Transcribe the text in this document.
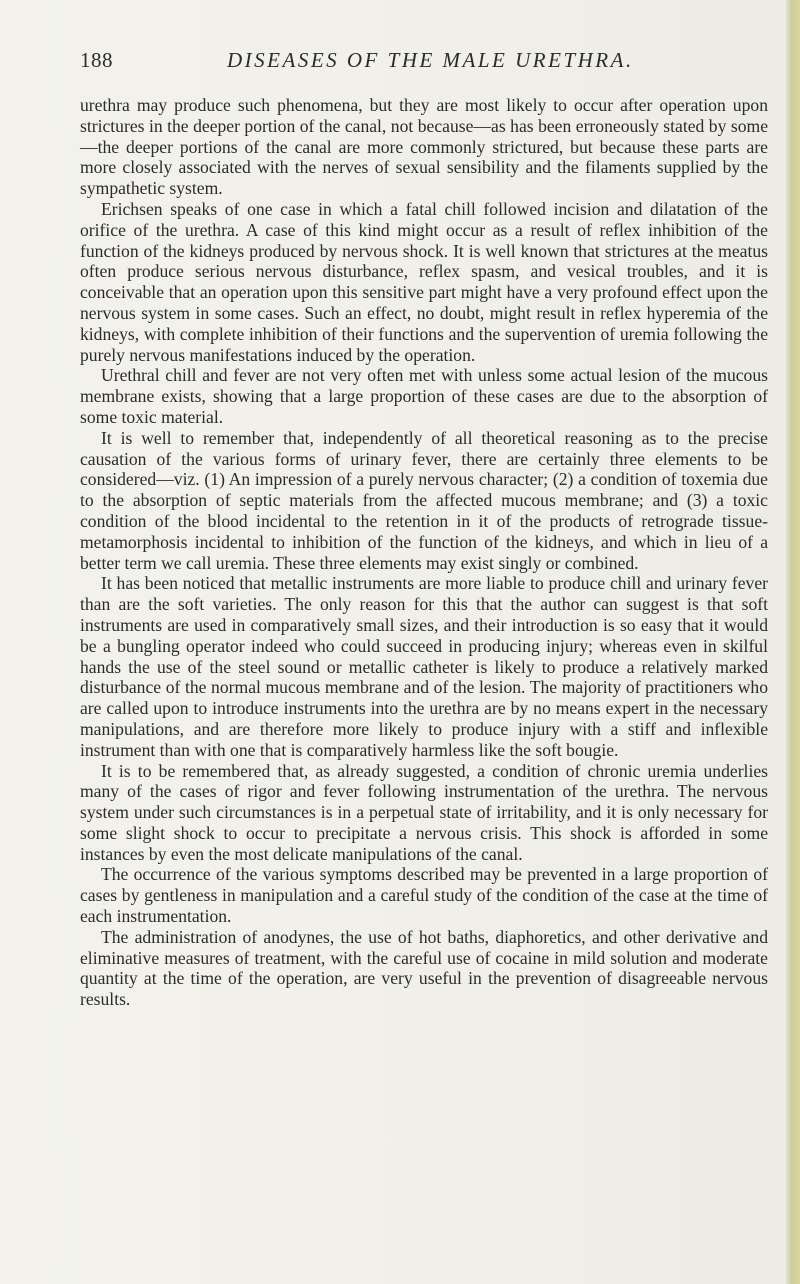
188	DISEASES OF THE MALE URETHRA.

urethra may produce such phenomena, but they are most likely to occur after operation upon strictures in the deeper portion of the canal, not because—as has been erroneously stated by some—the deeper portions of the canal are more commonly strictured, but because these parts are more closely associated with the nerves of sexual sensibility and the filaments supplied by the sympathetic system.

Erichsen speaks of one case in which a fatal chill followed incision and dilatation of the orifice of the urethra. A case of this kind might occur as a result of reflex inhibition of the function of the kidneys produced by nervous shock. It is well known that strictures at the meatus often produce serious nervous disturbance, reflex spasm, and vesical troubles, and it is conceivable that an operation upon this sensitive part might have a very profound effect upon the nervous system in some cases. Such an effect, no doubt, might result in reflex hyperemia of the kidneys, with complete inhibition of their functions and the supervention of uremia following the purely nervous manifestations induced by the operation.

Urethral chill and fever are not very often met with unless some actual lesion of the mucous membrane exists, showing that a large proportion of these cases are due to the absorption of some toxic material.

It is well to remember that, independently of all theoretical reasoning as to the precise causation of the various forms of urinary fever, there are certainly three elements to be considered—viz. (1) An impression of a purely nervous character; (2) a condition of toxemia due to the absorption of septic materials from the affected mucous membrane; and (3) a toxic condition of the blood incidental to the retention in it of the products of retrograde tissue-metamorphosis incidental to inhibition of the function of the kidneys, and which in lieu of a better term we call uremia. These three elements may exist singly or combined.

It has been noticed that metallic instruments are more liable to produce chill and urinary fever than are the soft varieties. The only reason for this that the author can suggest is that soft instruments are used in comparatively small sizes, and their introduction is so easy that it would be a bungling operator indeed who could succeed in producing injury; whereas even in skilful hands the use of the steel sound or metallic catheter is likely to produce a relatively marked disturbance of the normal mucous membrane and of the lesion. The majority of practitioners who are called upon to introduce instruments into the urethra are by no means expert in the necessary manipulations, and are therefore more likely to produce injury with a stiff and inflexible instrument than with one that is comparatively harmless like the soft bougie.

It is to be remembered that, as already suggested, a condition of chronic uremia underlies many of the cases of rigor and fever following instrumentation of the urethra. The nervous system under such circumstances is in a perpetual state of irritability, and it is only necessary for some slight shock to occur to precipitate a nervous crisis. This shock is afforded in some instances by even the most delicate manipulations of the canal.

The occurrence of the various symptoms described may be prevented in a large proportion of cases by gentleness in manipulation and a careful study of the condition of the case at the time of each instrumentation.

The administration of anodynes, the use of hot baths, diaphoretics, and other derivative and eliminative measures of treatment, with the careful use of cocaine in mild solution and moderate quantity at the time of the operation, are very useful in the prevention of disagreeable nervous results.
